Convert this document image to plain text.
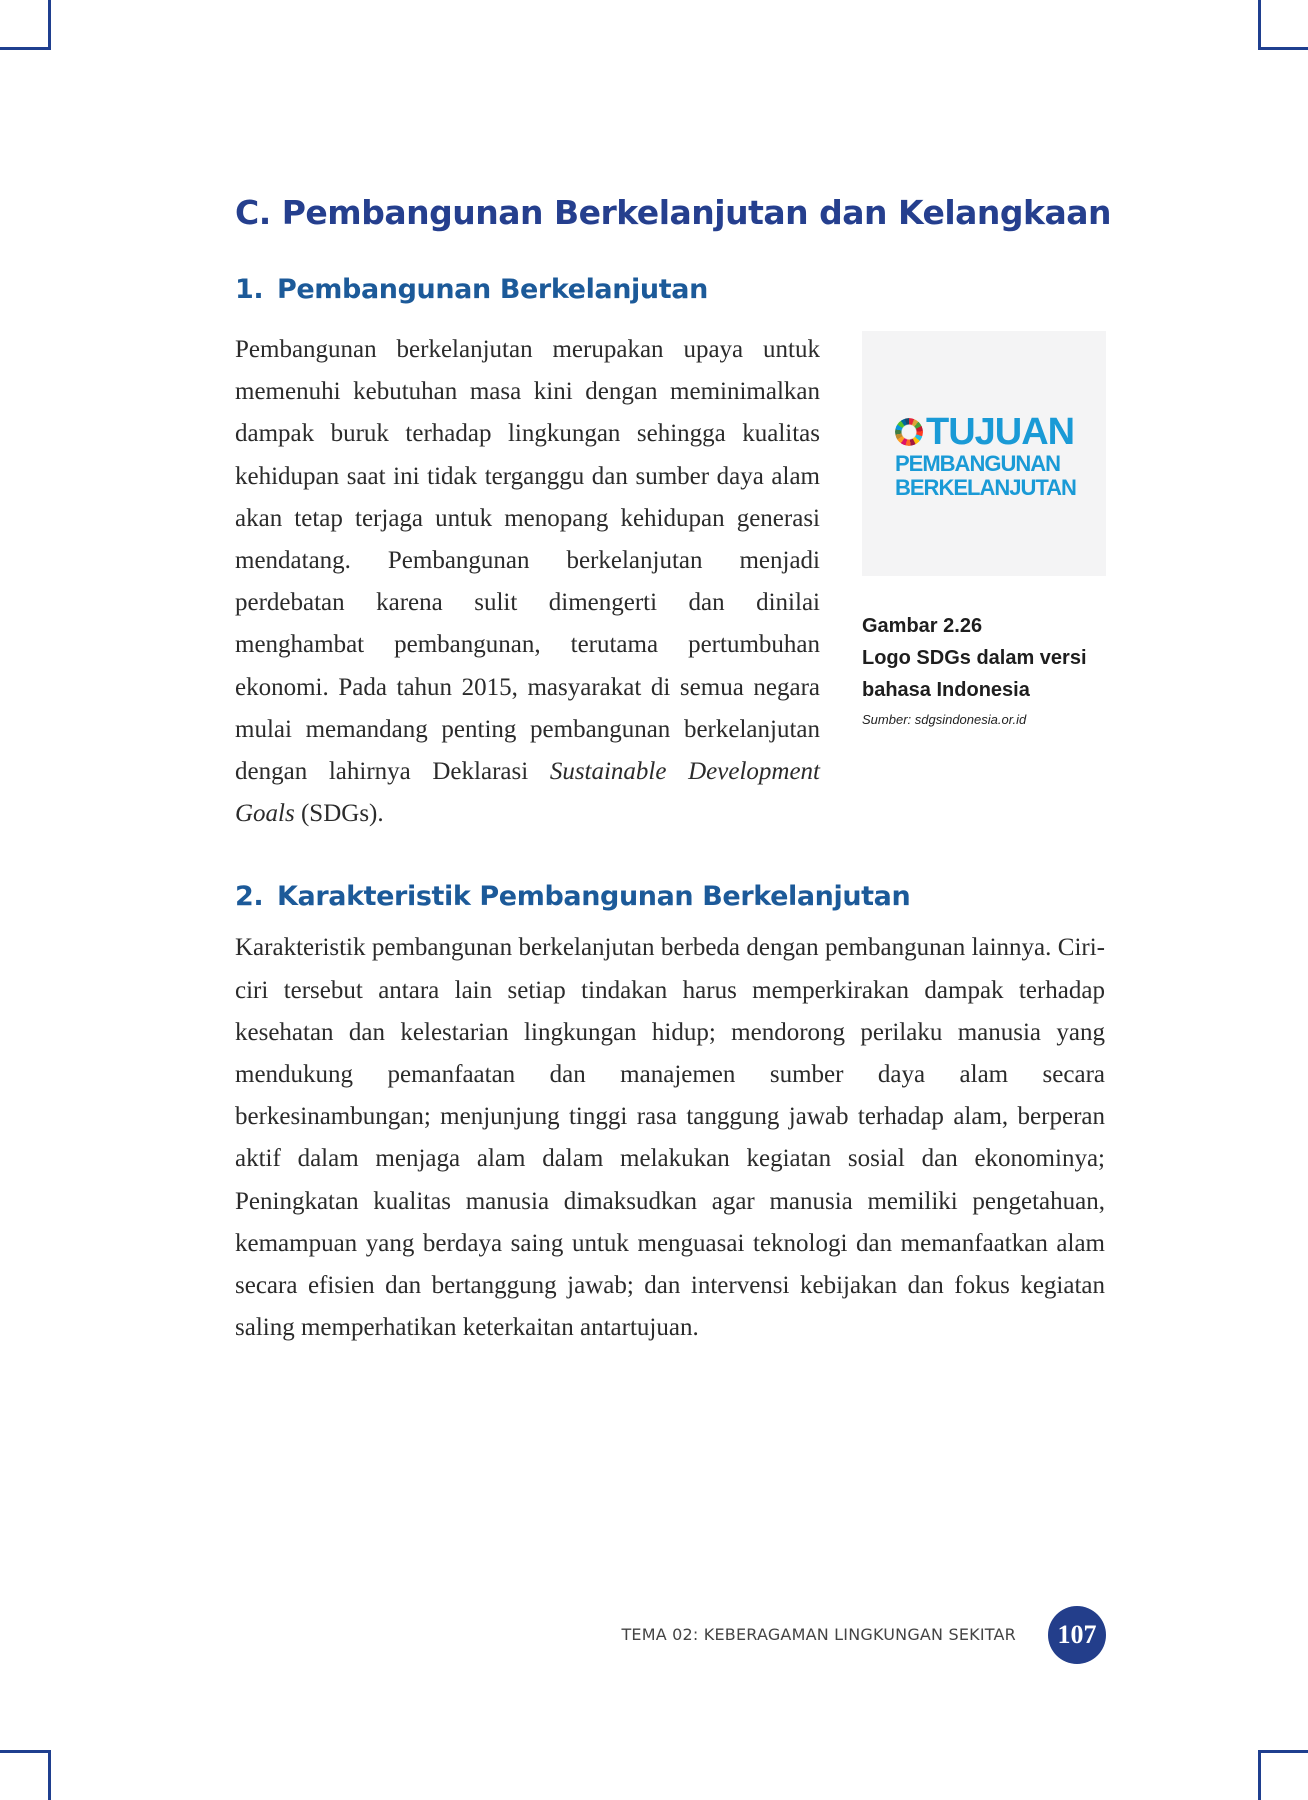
C. Pembangunan Berkelanjutan dan Kelangkaan
1. Pembangunan Berkelanjutan

Pembangunan berkelanjutan merupakan upaya untuk memenuhi kebutuhan masa kini dengan meminimalkan dampak buruk terhadap lingkungan sehingga kualitas kehidupan saat ini tidak terganggu dan sumber daya alam akan tetap terjaga untuk menopang kehidupan generasi mendatang. Pembangunan berkelanjutan menjadi perdebatan karena sulit dimengerti dan dinilai menghambat pembangunan, terutama pertumbuhan ekonomi. Pada tahun 2015, masyarakat di semua negara mulai memandang penting pembangunan berkelanjutan dengan lahirnya Deklarasi Sustainable Development Goals (SDGs).

2. Karakteristik Pembangunan Berkelanjutan

Karakteristik pembangunan berkelanjutan berbeda dengan pembangunan lainnya. Ciri-ciri tersebut antara lain setiap tindakan harus memperkirakan dampak terhadap kesehatan dan kelestarian lingkungan hidup; mendorong perilaku manusia yang mendukung pemanfaatan dan manajemen sumber daya alam secara berkesinambungan; menjunjung tinggi rasa tanggung jawab terhadap alam, berperan aktif dalam menjaga alam dalam melakukan kegiatan sosial dan ekonominya; Peningkatan kualitas manusia dimaksudkan agar manusia memiliki pengetahuan, kemampuan yang berdaya saing untuk menguasai teknologi dan memanfaatkan alam secara efisien dan bertanggung jawab; dan intervensi kebijakan dan fokus kegiatan saling memperhatikan keterkaitan antartujuan.

TUJUAN
PEMBANGUNAN
BERKELANJUTAN
Gambar 2.26
Logo SDGs dalam versi
bahasa Indonesia
Sumber: sdgsindonesia.or.id
TEMA 02: KEBERAGAMAN LINGKUNGAN SEKITAR	107
